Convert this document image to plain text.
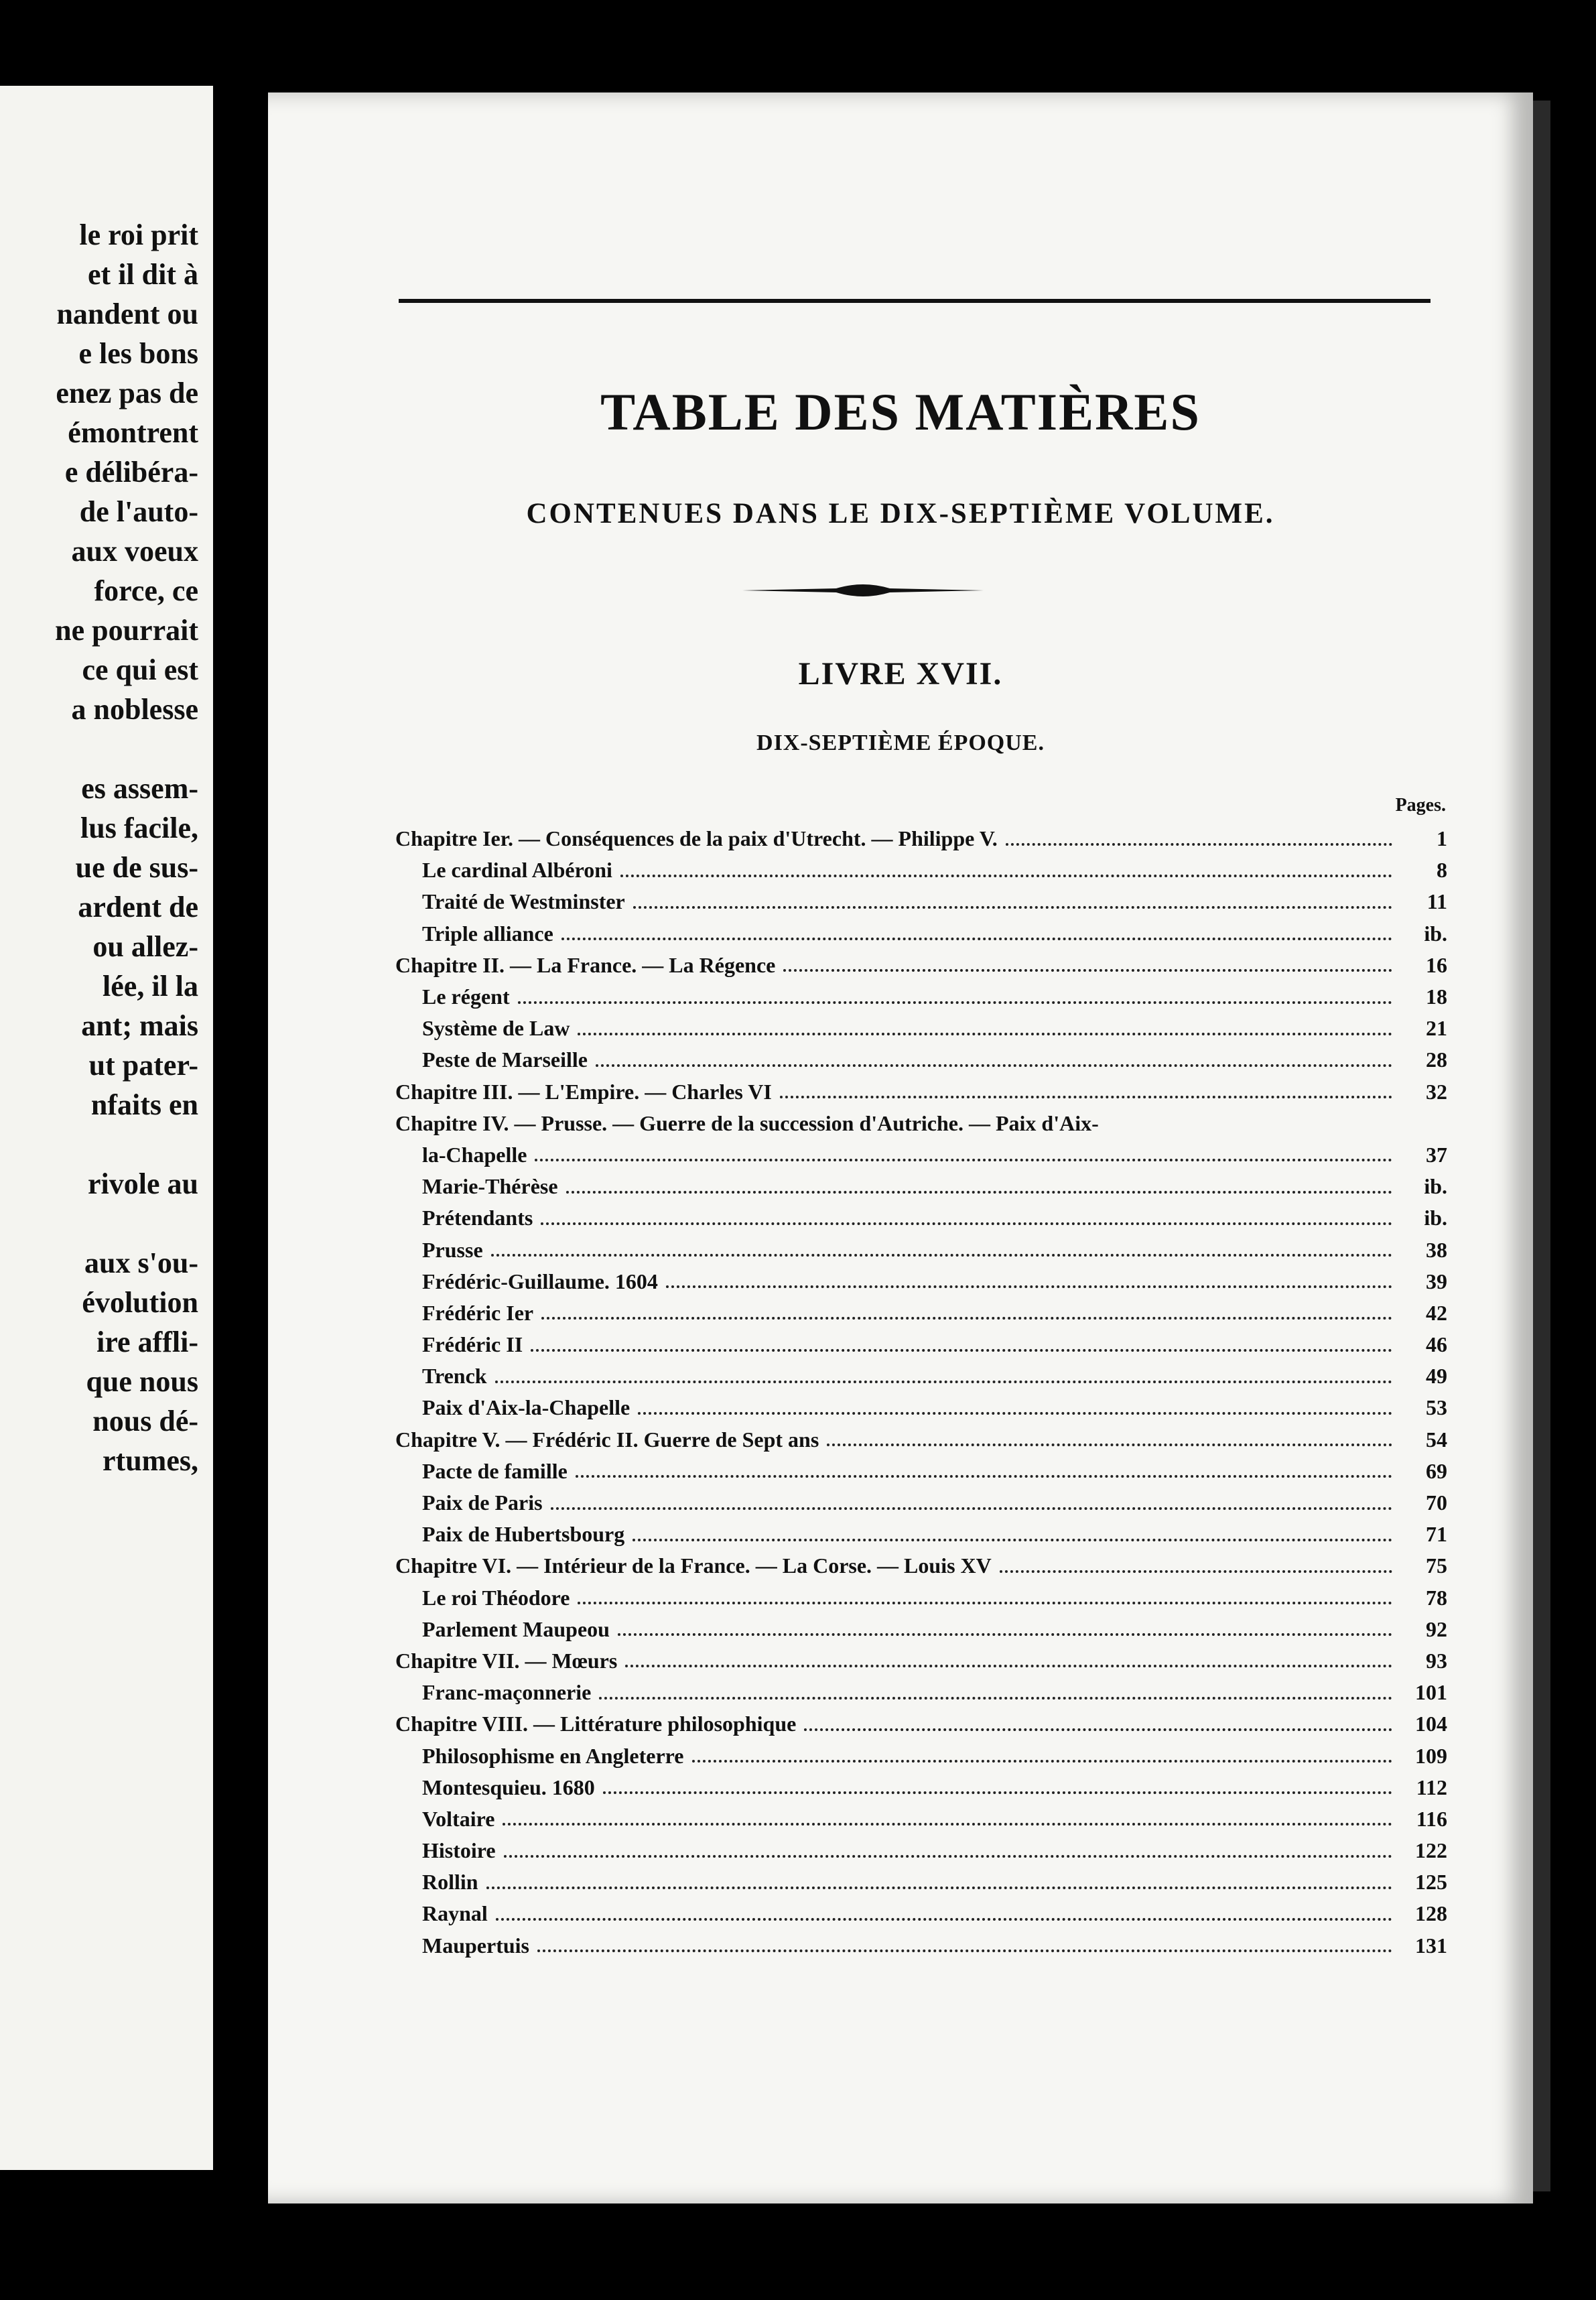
le roi prit
et il dit à
nandent ou
e les bons
enez pas de
émontrent
e délibéra-
de l'auto-
aux voeux
force, ce
ne pourrait
ce qui est
a noblesse
es assem-
lus facile,
ue de sus-
ardent de
ou allez-
lée, il la
ant; mais
ut pater-
nfaits en
rivole au
aux s'ou-
évolution
ire affli-
que nous
nous dé-
rtumes,
TABLE DES MATIÈRES
CONTENUES DANS LE DIX-SEPTIÈME VOLUME.
LIVRE XVII.
DIX-SEPTIÈME ÉPOQUE.
Pages.
Chapitre Ier. — Conséquences de la paix d'Utrecht. — Philippe V.	1
Le cardinal Albéroni	8
Traité de Westminster	11
Triple alliance	ib.
Chapitre II. — La France. — La Régence	16
Le régent	18
Système de Law	21
Peste de Marseille	28
Chapitre III. — L'Empire. — Charles VI	32
Chapitre IV. — Prusse. — Guerre de la succession d'Autriche. — Paix d'Aix-
la-Chapelle	37
Marie-Thérèse	ib.
Prétendants	ib.
Prusse	38
Frédéric-Guillaume. 1604	39
Frédéric Ier	42
Frédéric II	46
Trenck	49
Paix d'Aix-la-Chapelle	53
Chapitre V. — Frédéric II. Guerre de Sept ans	54
Pacte de famille	69
Paix de Paris	70
Paix de Hubertsbourg	71
Chapitre VI. — Intérieur de la France. — La Corse. — Louis XV	75
Le roi Théodore	78
Parlement Maupeou	92
Chapitre VII. — Mœurs	93
Franc-maçonnerie	101
Chapitre VIII. — Littérature philosophique	104
Philosophisme en Angleterre	109
Montesquieu. 1680	112
Voltaire	116
Histoire	122
Rollin	125
Raynal	128
Maupertuis	131
